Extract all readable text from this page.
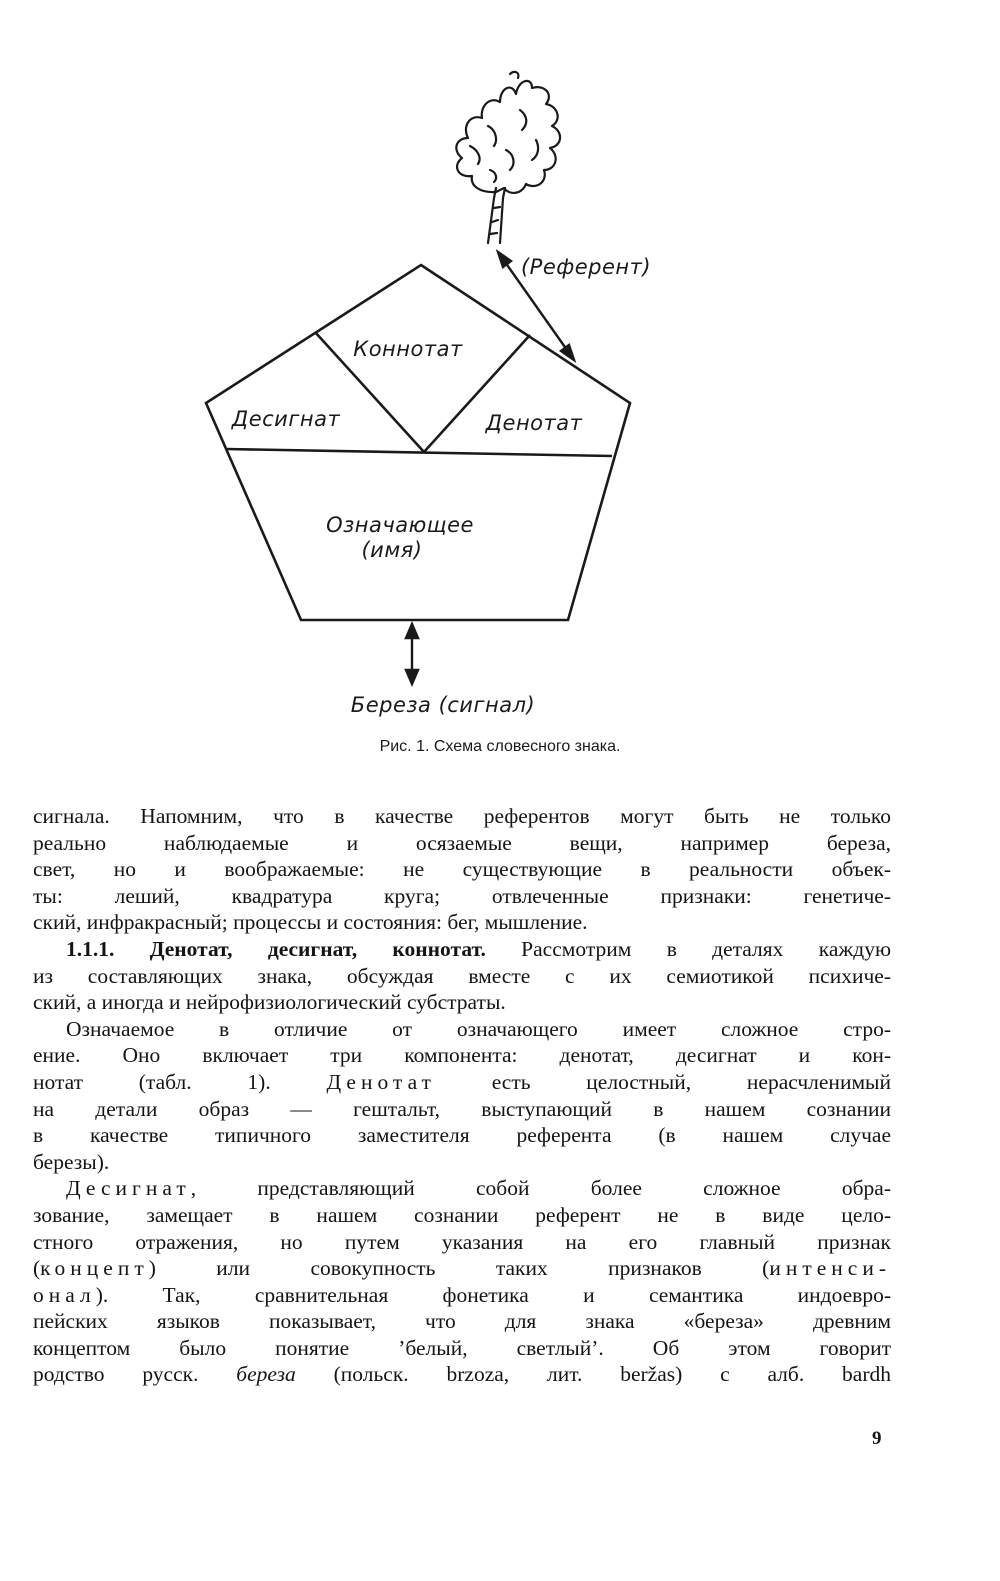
Коннотат
Десигнат	Денотат
Означающее
(имя)
(Референт)
Береза (сигнал)
Рис. 1. Схема словесного знака.

сигнала. Напомним, что в качестве референтов могут быть не только
реально наблюдаемые и осязаемые вещи, например береза,
свет, но и воображаемые: не существующие в реальности объек-
ты: леший, квадратура круга; отвлеченные признаки: генетиче-
ский, инфракрасный; процессы и состояния: бег, мышление.

1.1.1. Денотат, десигнат, коннотат. Рассмотрим в деталях каждую
из составляющих знака, обсуждая вместе с их семиотикой психиче-
ский, а иногда и нейрофизиологический субстраты.

Означаемое в отличие от означающего имеет сложное стро-
ение. Оно включает три компонента: денотат, десигнат и кон-
нотат (табл. 1). Денотат есть целостный, нерасчленимый
на детали образ — гештальт, выступающий в нашем сознании
в качестве типичного заместителя референта (в нашем случае
березы).

Десигнат, представляющий собой более сложное обра-
зование, замещает в нашем сознании референт не в виде цело-
стного отражения, но путем указания на его главный признак
(концепт) или совокупность таких признаков (интенси-
онал). Так, сравнительная фонетика и семантика индоевро-
пейских языков показывает, что для знака «береза» древним
концептом было понятие ’белый, светлый’. Об этом говорит
родство русск. береза (польск. brzoza, лит. beržas) с алб. bardh

9
